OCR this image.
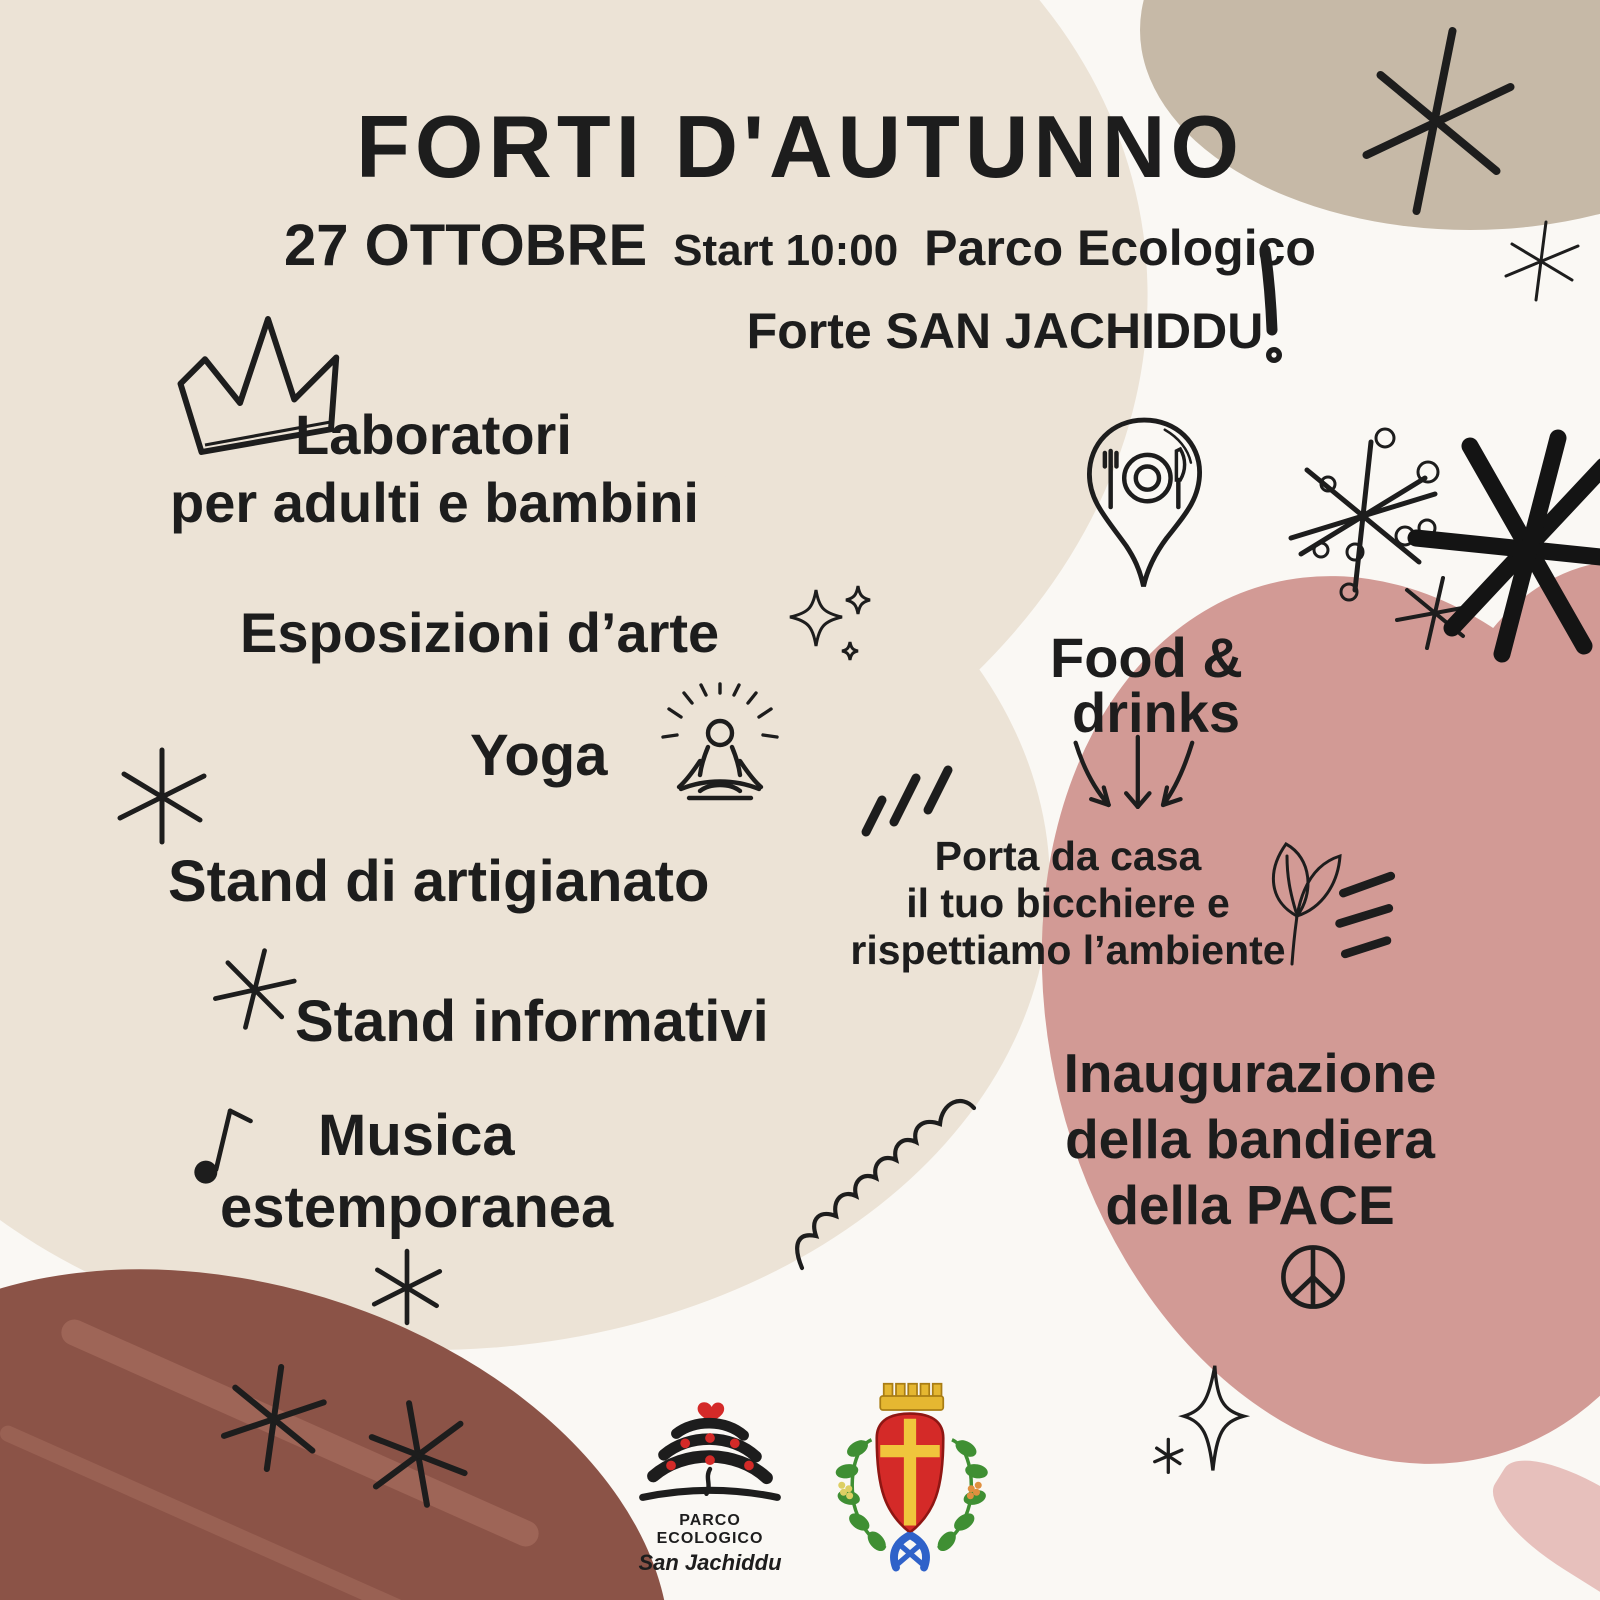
FORTI D'AUTUNNO
27 OTTOBRE Start 10:00 Parco Ecologico
Forte SAN JACHIDDU
Laboratori
per adulti e bambini
Esposizioni d’arte
Yoga
Stand di artigianato
Stand informativi
Musica
estemporanea
Food &
drinks
Porta da casa
il tuo bicchiere e
rispettiamo l’ambiente
Inaugurazione
della bandiera
della PACE
PARCO ECOLOGICO
San Jachiddu
